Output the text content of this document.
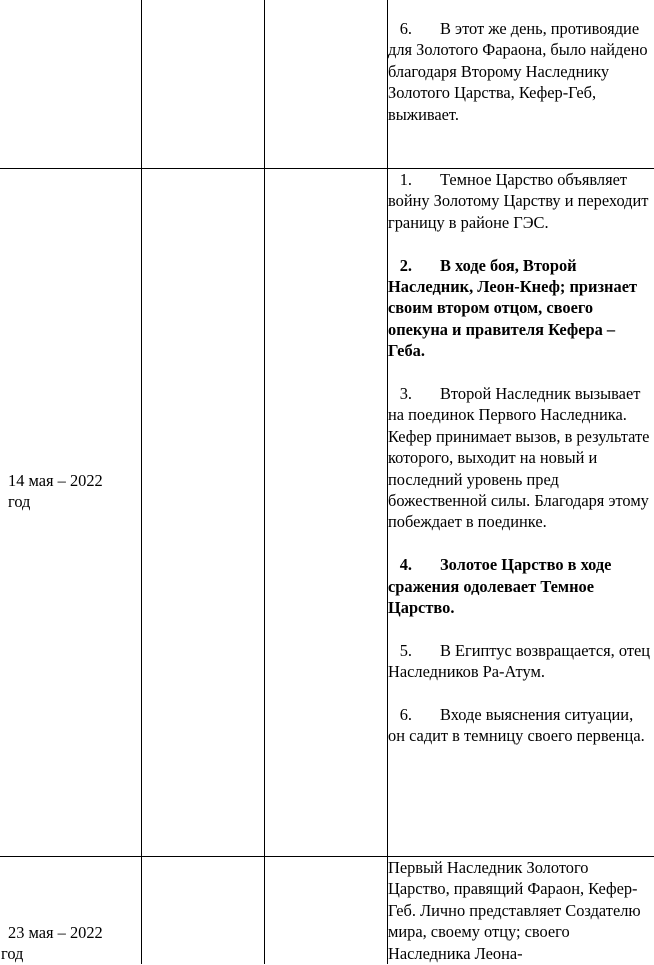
6. В этот же день, противоядие для Золотого Фараона, было найдено благодаря Второму Наследнику Золотого Царства, Кефер-Геб, выживает.

14 мая – 2022
год

1. Темное Царство объявляет войну Золотому Царству и переходит границу в районе ГЭС.

2. В ходе боя, Второй Наследник, Леон-Кнеф; признает своим втором отцом, своего опекуна и правителя Кефера – Геба.

3. Второй Наследник вызывает на поединок Первого Наследника. Кефер принимает вызов, в результате которого, выходит на новый и последний уровень пред божественной силы. Благодаря этому побеждает в поединке.

4. Золотое Царство в ходе сражения одолевает Темное Царство.

5. В Египтус возвращается, отец Наследников Ра-Атум.

6. Входе выяснения ситуации, он садит в темницу своего первенца.

23 мая – 2022
год

Первый Наследник Золотого Царство, правящий Фараон, Кефер-Геб. Лично представляет Создателю мира, своему отцу; своего Наследника Леона-
